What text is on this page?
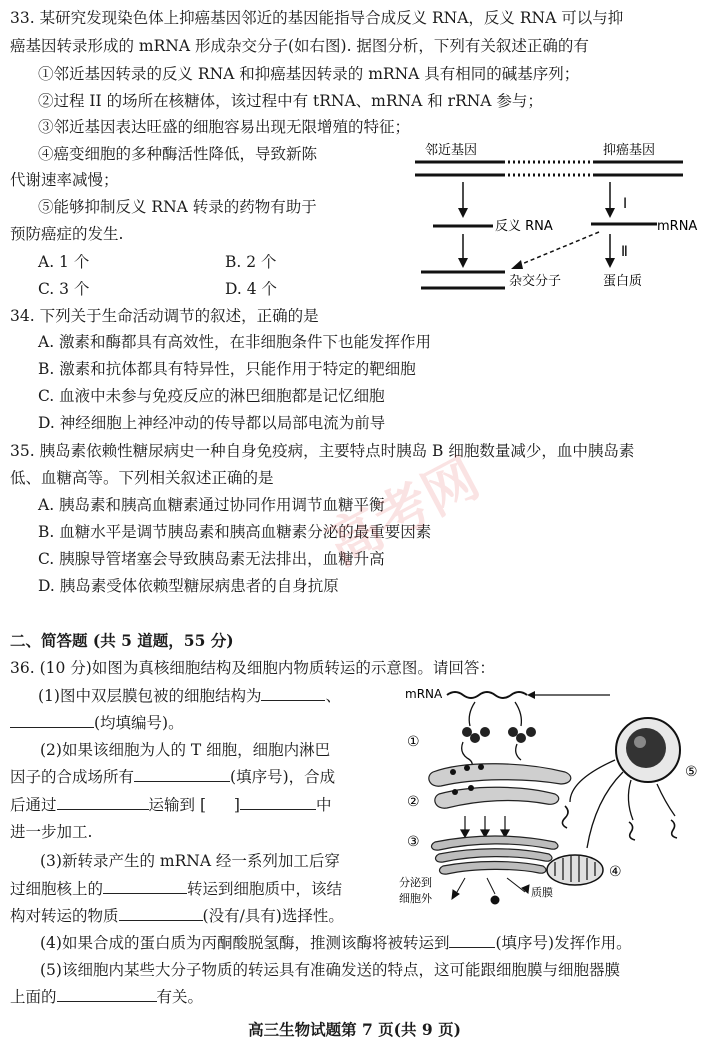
33. 某研究发现染色体上抑癌基因邻近的基因能指导合成反义 RNA，反义 RNA 可以与抑
癌基因转录形成的 mRNA 形成杂交分子(如右图). 据图分析，下列有关叙述正确的有
①邻近基因转录的反义 RNA 和抑癌基因转录的 mRNA 具有相同的碱基序列；
②过程 II 的场所在核糖体，该过程中有 tRNA、mRNA 和 rRNA 参与；
③邻近基因表达旺盛的细胞容易出现无限增殖的特征；
④癌变细胞的多种酶活性降低，导致新陈
代谢速率减慢；
⑤能够抑制反义 RNA 转录的药物有助于
预防癌症的发生.
A. 1 个	B. 2 个
C. 3 个	D. 4 个
邻近基因	抑癌基因
I
反义 RNA	mRNA
Ⅱ
杂交分子	蛋白质
34. 下列关于生命活动调节的叙述，正确的是
A. 激素和酶都具有高效性，在非细胞条件下也能发挥作用
B. 激素和抗体都具有特异性，只能作用于特定的靶细胞
C. 血液中未参与免疫反应的淋巴细胞都是记忆细胞
D. 神经细胞上神经冲动的传导都以局部电流为前导
35. 胰岛素依赖性糖尿病史一种自身免疫病，主要特点时胰岛 B 细胞数量减少，血中胰岛素
低、血糖高等。下列相关叙述正确的是
A. 胰岛素和胰高血糖素通过协同作用调节血糖平衡
B. 血糖水平是调节胰岛素和胰高血糖素分泌的最重要因素
C. 胰腺导管堵塞会导致胰岛素无法排出，血糖升高
D. 胰岛素受体依赖型糖尿病患者的自身抗原
二、简答题 (共 5 道题，55 分)
36. (10 分)如图为真核细胞结构及细胞内物质转运的示意图。请回答：
(1)图中双层膜包被的细胞结构为	、
(均填编号)。
(2)如果该细胞为人的 T 细胞，细胞内淋巴
因子的合成场所有	(填序号)，合成
后通过	运输到 [ ]	中
进一步加工.
(3)新转录产生的 mRNA 经一系列加工后穿
过细胞核上的	转运到细胞质中，该结
构对转运的物质	(没有/具有)选择性。
(4)如果合成的蛋白质为丙酮酸脱氢酶，推测该酶将被转运到	(填序号)发挥作用。
(5)该细胞内某些大分子物质的转运具有准确发送的特点，这可能跟细胞膜与细胞器膜
上面的	有关。
mRNA
①
②
③
分泌到
细胞外	质膜
④
⑤
高考网
高三生物试题第 7 页(共 9 页)
